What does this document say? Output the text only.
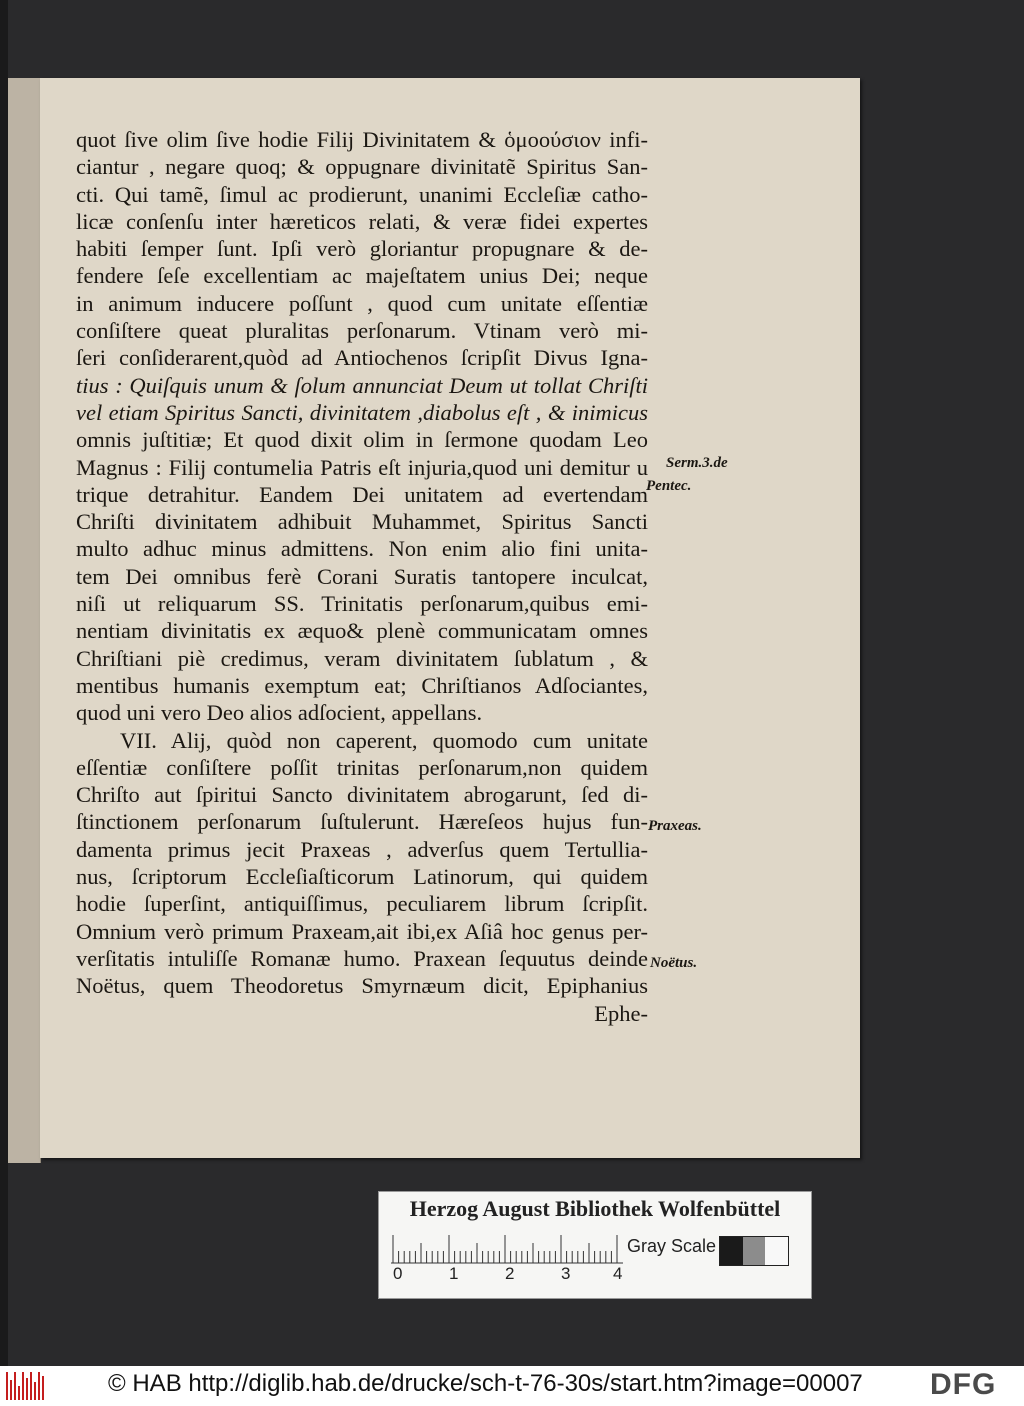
quot ſive olim ſive hodie Filij Divinitatem & ὁμοούσιον infi-
ciantur , negare quoq; & oppugnare divinitatẽ Spiritus San-
cti. Qui tamẽ, ſimul ac prodierunt, unanimi Eccleſiæ catho-
licæ conſenſu inter hæreticos relati, & veræ fidei expertes
habiti ſemper ſunt. Ipſi verò gloriantur propugnare & de-
fendere ſeſe excellentiam ac majeſtatem unius Dei; neque
in animum inducere poſſunt , quod cum unitate eſſentiæ
conſiſtere queat pluralitas perſonarum. Vtinam verò mi-
ſeri conſiderarent,quòd ad Antiochenos ſcripſit Divus Igna-
tius : Quiſquis unum & ſolum annunciat Deum ut tollat Chriſti
vel etiam Spiritus Sancti, divinitatem ,diabolus eſt , & inimicus
omnis juſtitiæ; Et quod dixit olim in ſermone quodam Leo
Magnus : Filij contumelia Patris eſt injuria,quod uni demitur u
trique detrahitur. Eandem Dei unitatem ad evertendam
Chriſti divinitatem adhibuit Muhammet, Spiritus Sancti
multo adhuc minus admittens. Non enim alio fini unita-
tem Dei omnibus ferè Corani Suratis tantopere inculcat,
niſi ut reliquarum SS. Trinitatis perſonarum,quibus emi-
nentiam divinitatis ex æquo& plenè communicatam omnes
Chriſtiani piè credimus, veram divinitatem ſublatum , &
mentibus humanis exemptum eat; Chriſtianos Adſociantes,
quod uni vero Deo alios adſocient, appellans.
VII. Alij, quòd non caperent, quomodo cum unitate
eſſentiæ conſiſtere poſſit trinitas perſonarum,non quidem
Chriſto aut ſpiritui Sancto divinitatem abrogarunt, ſed di-
ſtinctionem perſonarum ſuſtulerunt. Hæreſeos hujus fun-
damenta primus jecit Praxeas , adverſus quem Tertullia-
nus, ſcriptorum Eccleſiaſticorum Latinorum, qui quidem
hodie ſuperſint, antiquiſſimus, peculiarem librum ſcripſit.
Omnium verò primum Praxeam,ait ibi,ex Aſiâ hoc genus per-
verſitatis intuliſſe Romanæ humo. Praxean ſequutus deinde
Noëtus, quem Theodoretus Smyrnæum dicit, Epiphanius
Ephe-
Serm.3.de
Pentec.
Praxeas.
Noëtus.
Herzog August Bibliothek Wolfenbüttel
0	1	2	3	4
Gray Scale
© HAB http://diglib.hab.de/drucke/sch-t-76-30s/start.htm?image=00007 DFG
